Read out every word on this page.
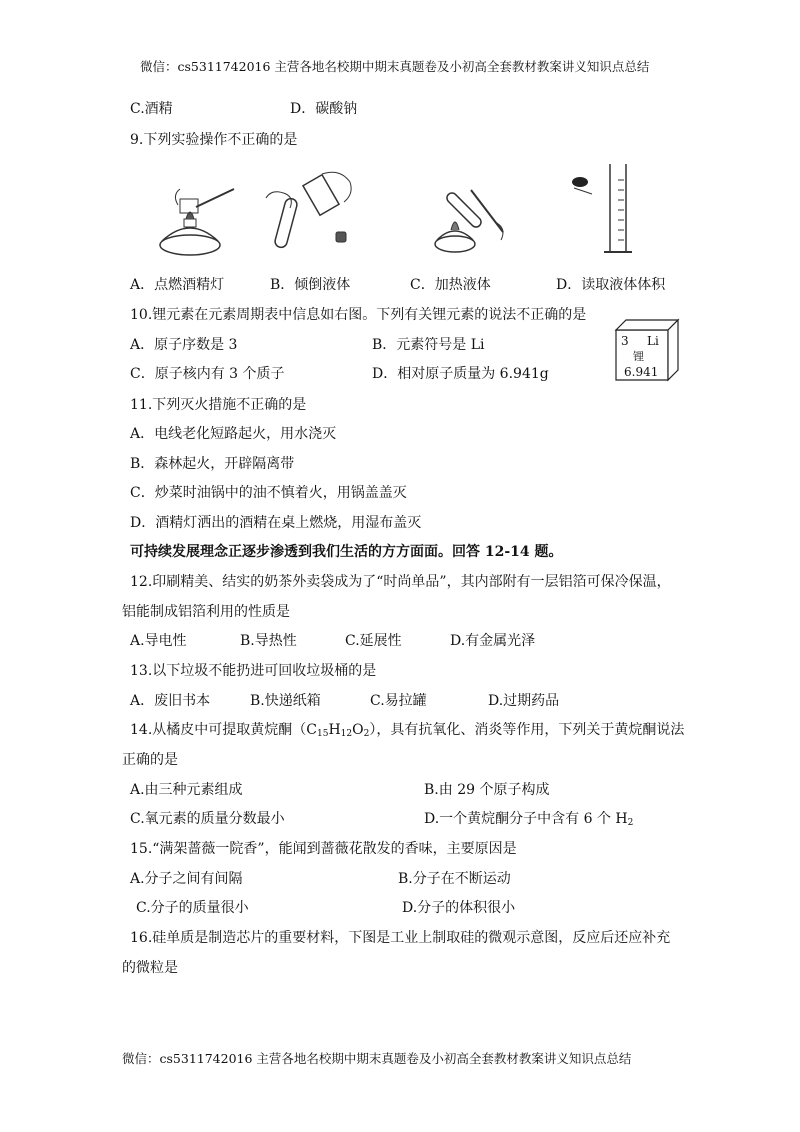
微信：cs5311742016 主营各地名校期中期末真题卷及小初高全套教材教案讲义知识点总结
C.酒精	D．碳酸钠
9.下列实验操作不正确的是
A．点燃酒精灯	B．倾倒液体	C．加热液体	D．读取液体体积
10.锂元素在元素周期表中信息如右图。下列有关锂元素的说法不正确的是
A．原子序数是 3	B．元素符号是 Li
C．原子核内有 3 个质子	D．相对原子质量为 6.941g
3 Li
锂
6.941
11.下列灭火措施不正确的是
A．电线老化短路起火，用水浇灭
B．森林起火，开辟隔离带
C．炒菜时油锅中的油不慎着火，用锅盖盖灭
D．酒精灯洒出的酒精在桌上燃烧，用湿布盖灭
可持续发展理念正逐步渗透到我们生活的方方面面。回答 12-14 题。
12.印刷精美、结实的奶茶外卖袋成为了“时尚单品”，其内部附有一层铝箔可保冷保温，
铝能制成铝箔利用的性质是
A.导电性	B.导热性	C.延展性	D.有金属光泽
13.以下垃圾不能扔进可回收垃圾桶的是
A．废旧书本	B.快递纸箱	C.易拉罐	D.过期药品
14.从橘皮中可提取黄烷酮$(C_{15}H_{12}O_2)$，具有抗氧化、消炎等作用，下列关于黄烷酮说法
正确的是
A.由三种元素组成	B.由 29 个原子构成
C.氧元素的质量分数最小	D.一个黄烷酮分子中含有 6 个 $H_2$
15.“满架蔷薇一院香”，能闻到蔷薇花散发的香味，主要原因是
A.分子之间有间隔	B.分子在不断运动
C.分子的质量很小	D.分子的体积很小
16.硅单质是制造芯片的重要材料，下图是工业上制取硅的微观示意图，反应后还应补充
的微粒是
微信：cs5311742016 主营各地名校期中期末真题卷及小初高全套教材教案讲义知识点总结
